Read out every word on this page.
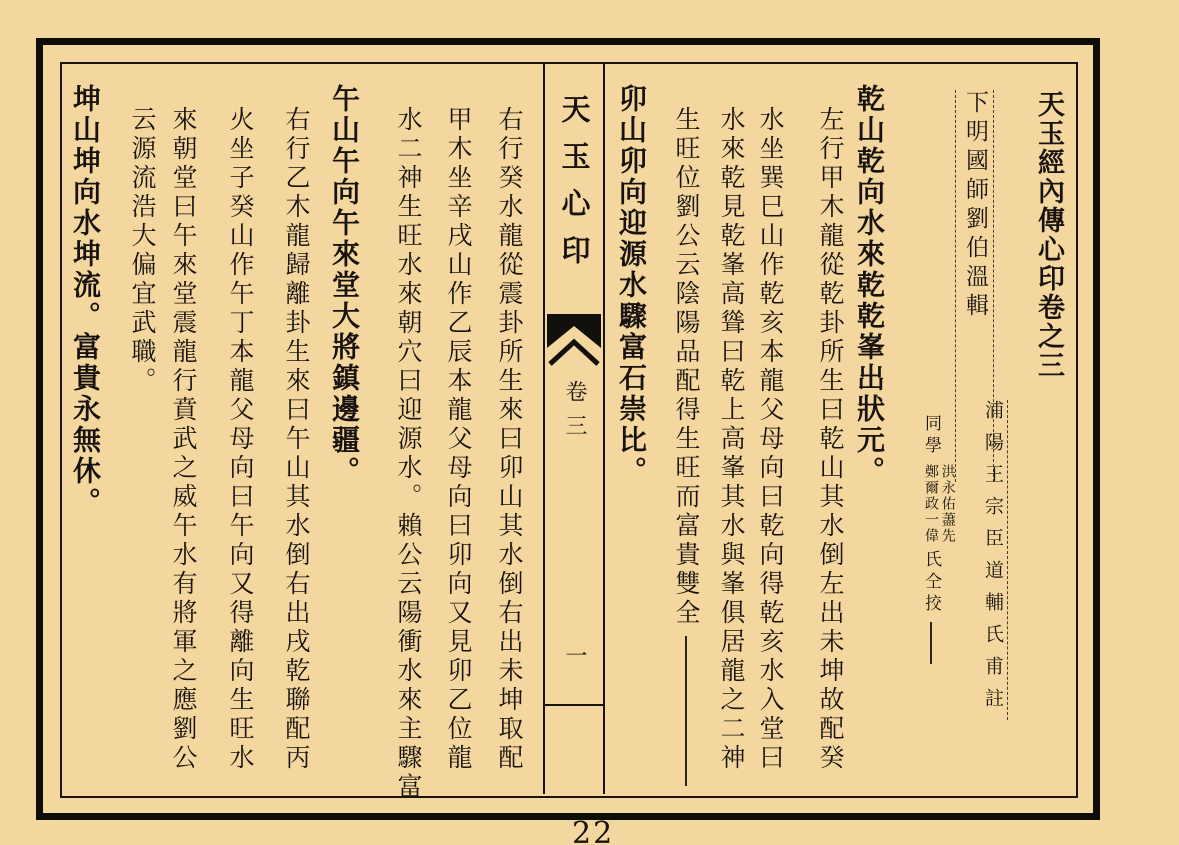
天玉經內傳心印卷之三
下明國師劉伯溫輯
浦陽王宗臣道輔氏甫註
同學
洪永佑藎先
鄭爾政一偉
氏仝挍
乾山乾向水來乾乾峯出狀元。
左行甲木龍從乾卦所生曰乾山其水倒左出未坤故配癸
水坐巽巳山作乾亥本龍父母向曰乾向得乾亥水入堂曰
水來乾見乾峯高聳曰乾上高峯其水與峯俱居龍之二神
生旺位劉公云陰陽品配得生旺而富貴雙全
卯山卯向迎源水驟富石崇比。
天玉心印
卷三
一
右行癸水龍從震卦所生來曰卯山其水倒右出未坤取配
甲木坐辛戌山作乙辰本龍父母向曰卯向又見卯乙位龍
水二神生旺水來朝穴曰迎源水。賴公云陽衝水來主驟富
午山午向午來堂大將鎮邊疆。
右行乙木龍歸離卦生來曰午山其水倒右出戌乾聯配丙
火坐子癸山作午丁本龍父母向曰午向又得離向生旺水
來朝堂曰午來堂震龍行賁武之威午水有將軍之應劉公
云源流浩大偏宜武職。
坤山坤向水坤流。富貴永無休。
22
